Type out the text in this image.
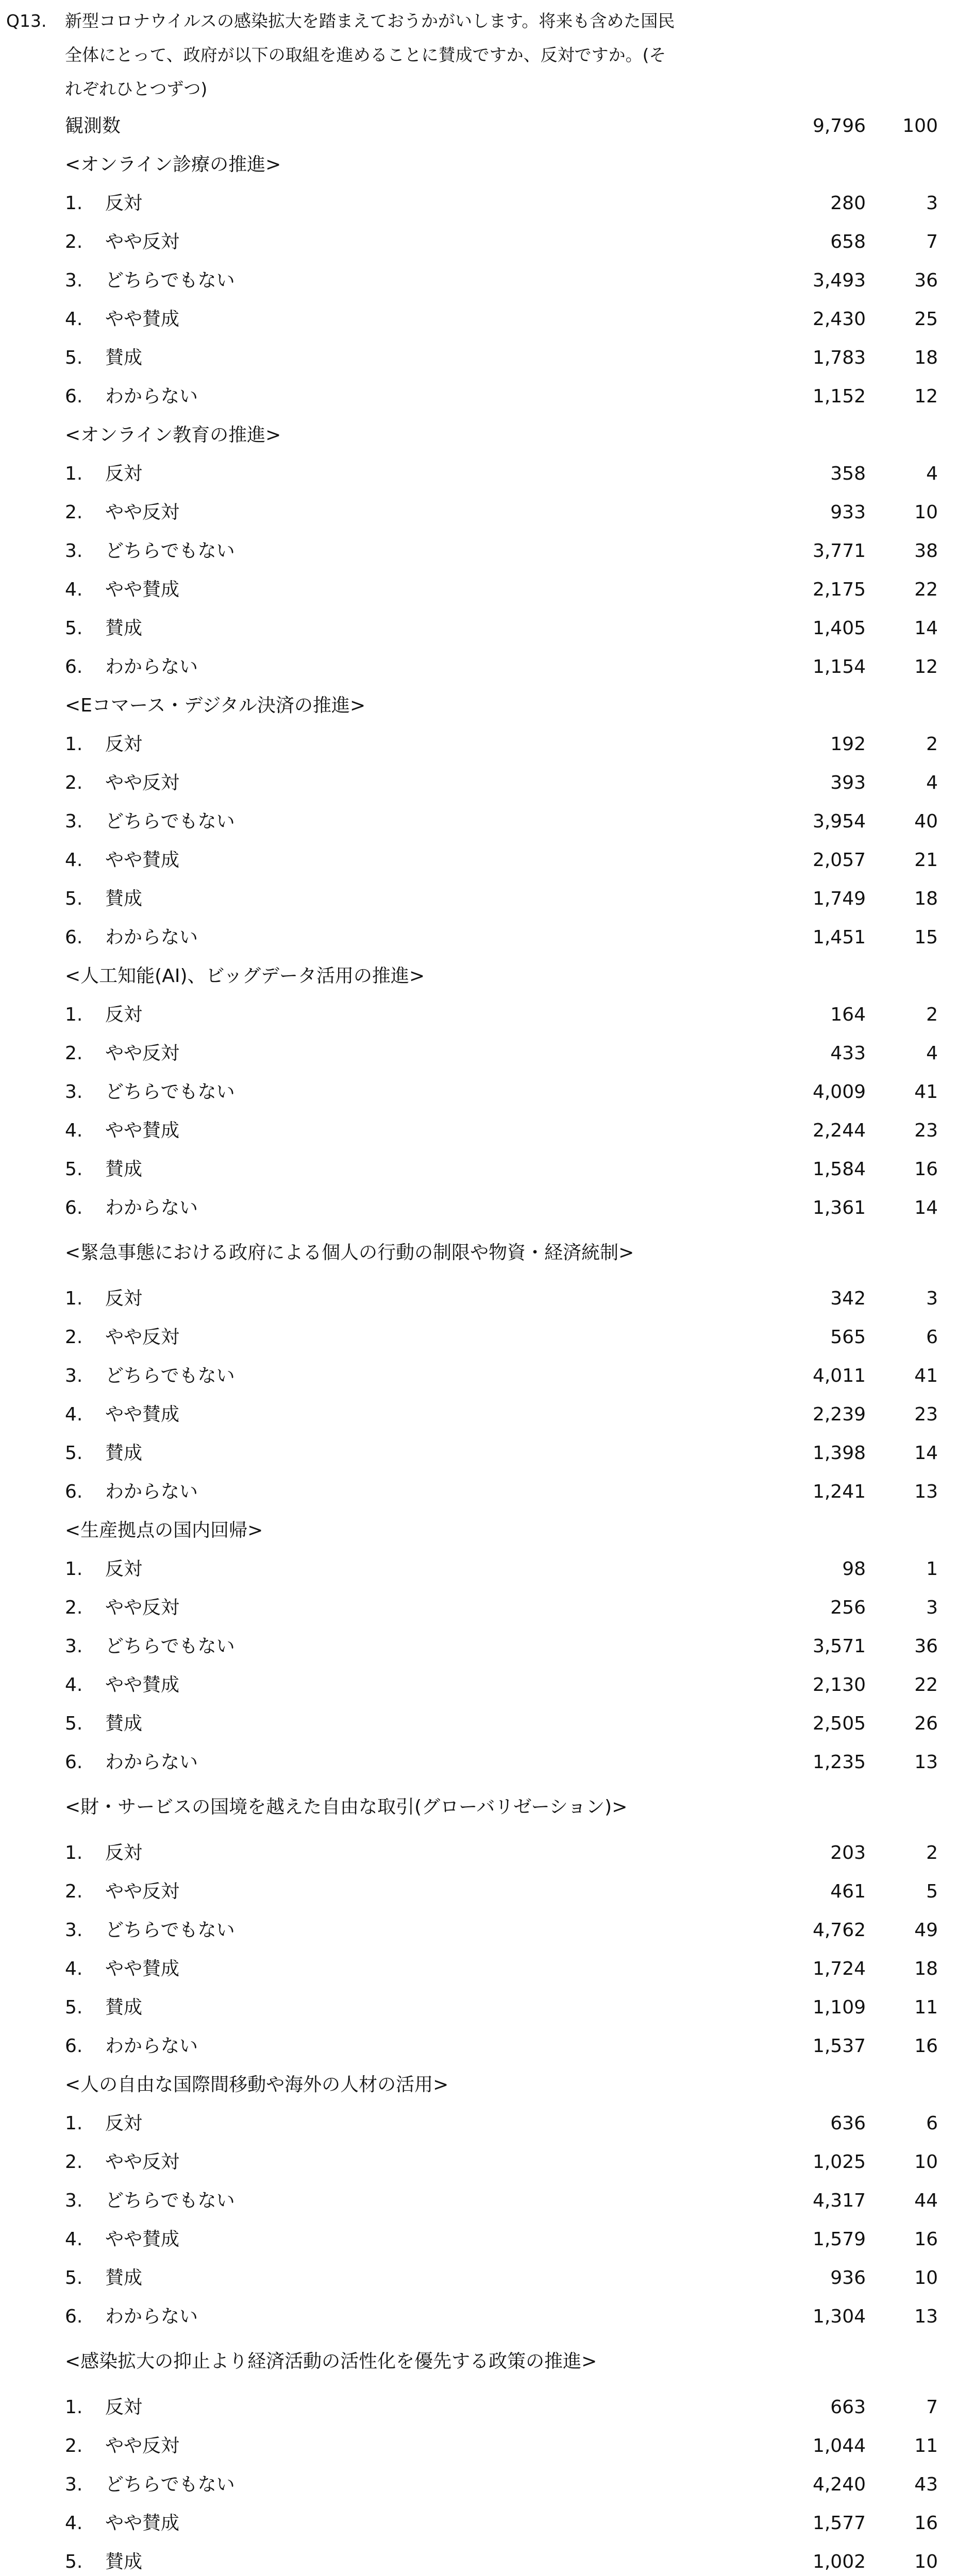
Q13. 新型コロナウイルスの感染拡大を踏まえておうかがいします。将来も含めた国民
全体にとって、政府が以下の取組を進めることに賛成ですか、反対ですか。(そ
れぞれひとつずつ)
観測数	9,796	100
<オンライン診療の推進>
1. 反対	280	3
2. やや反対	658	7
3. どちらでもない	3,493	36
4. やや賛成	2,430	25
5. 賛成	1,783	18
6. わからない	1,152	12
<オンライン教育の推進>
1. 反対	358	4
2. やや反対	933	10
3. どちらでもない	3,771	38
4. やや賛成	2,175	22
5. 賛成	1,405	14
6. わからない	1,154	12
<Eコマース・デジタル決済の推進>
1. 反対	192	2
2. やや反対	393	4
3. どちらでもない	3,954	40
4. やや賛成	2,057	21
5. 賛成	1,749	18
6. わからない	1,451	15
<人工知能(AI)、ビッグデータ活用の推進>
1. 反対	164	2
2. やや反対	433	4
3. どちらでもない	4,009	41
4. やや賛成	2,244	23
5. 賛成	1,584	16
6. わからない	1,361	14
<緊急事態における政府による個人の行動の制限や物資・経済統制>
1. 反対	342	3
2. やや反対	565	6
3. どちらでもない	4,011	41
4. やや賛成	2,239	23
5. 賛成	1,398	14
6. わからない	1,241	13
<生産拠点の国内回帰>
1. 反対	98	1
2. やや反対	256	3
3. どちらでもない	3,571	36
4. やや賛成	2,130	22
5. 賛成	2,505	26
6. わからない	1,235	13
<財・サービスの国境を越えた自由な取引(グローバリゼーション)>
1. 反対	203	2
2. やや反対	461	5
3. どちらでもない	4,762	49
4. やや賛成	1,724	18
5. 賛成	1,109	11
6. わからない	1,537	16
<人の自由な国際間移動や海外の人材の活用>
1. 反対	636	6
2. やや反対	1,025	10
3. どちらでもない	4,317	44
4. やや賛成	1,579	16
5. 賛成	936	10
6. わからない	1,304	13
<感染拡大の抑止より経済活動の活性化を優先する政策の推進>
1. 反対	663	7
2. やや反対	1,044	11
3. どちらでもない	4,240	43
4. やや賛成	1,577	16
5. 賛成	1,002	10
